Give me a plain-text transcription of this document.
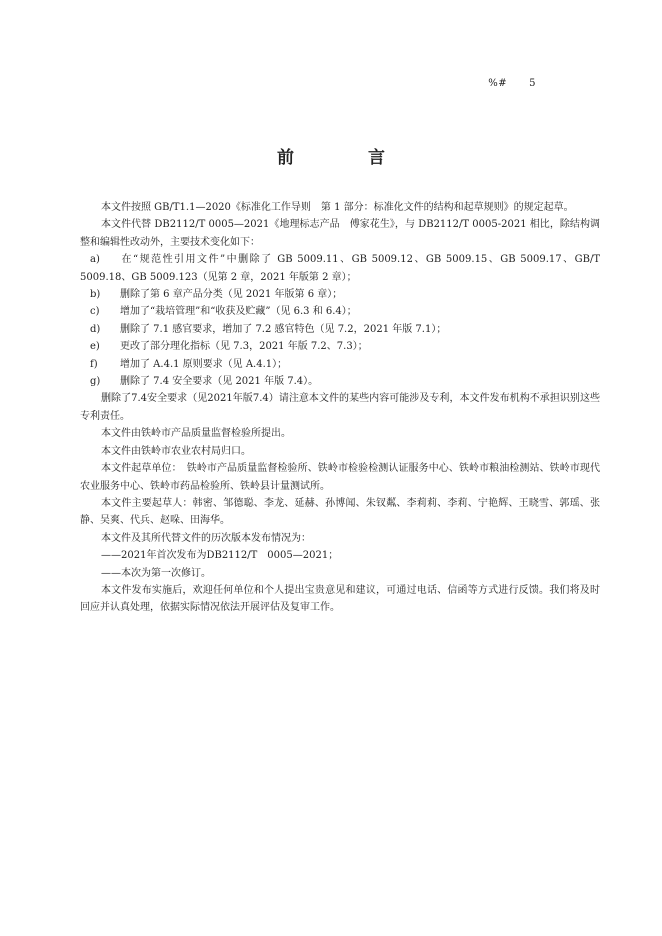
%# 5
前 言

本文件按照 GB/T1.1—2020《标准化工作导则　第 1 部分：标准化文件的结构和起草规则》的规定起草。

本文件代替 DB2112/T 0005—2021《地理标志产品　傅家花生》，与 DB2112/T 0005-2021 相比，除结构调整和编辑性改动外，主要技术变化如下：

a) 在“规范性引用文件”中删除了 GB 5009.11、GB 5009.12、GB 5009.15、GB 5009.17、GB/T 5009.18、GB 5009.123（见第 2 章，2021 年版第 2 章）；

b) 删除了第 6 章产品分类（见 2021 年版第 6 章）；

c) 增加了“栽培管理”和“收获及贮藏”（见 6.3 和 6.4）；

d) 删除了 7.1 感官要求，增加了 7.2 感官特色（见 7.2，2021 年版 7.1）；

e) 更改了部分理化指标（见 7.3，2021 年版 7.2、7.3）；

f) 增加了 A.4.1 原则要求（见 A.4.1）；

g) 删除了 7.4 安全要求（见 2021 年版 7.4）。

删除了7.4安全要求（见2021年版7.4）请注意本文件的某些内容可能涉及专利，本文件发布机构不承担识别这些专利责任。

本文件由铁岭市产品质量监督检验所提出。

本文件由铁岭市农业农村局归口。

本文件起草单位：　铁岭市产品质量监督检验所、铁岭市检验检测认证服务中心、铁岭市粮油检测站、铁岭市现代农业服务中心、铁岭市药品检验所、铁岭县计量测试所。

本文件主要起草人：韩密、邹德聪、李龙、延赫、孙博闻、朱钗粼、李莉莉、李莉、宁艳辉、王晓雪、郭瑶、张静、吴爽、代兵、赵哚、田海华。

本文件及其所代替文件的历次版本发布情况为：

——2021年首次发布为DB2112/T　0005—2021；

——本次为第一次修订。

本文件发布实施后，欢迎任何单位和个人提出宝贵意见和建议，可通过电话、信函等方式进行反馈。我们将及时回应并认真处理，依据实际情况依法开展评估及复审工作。
